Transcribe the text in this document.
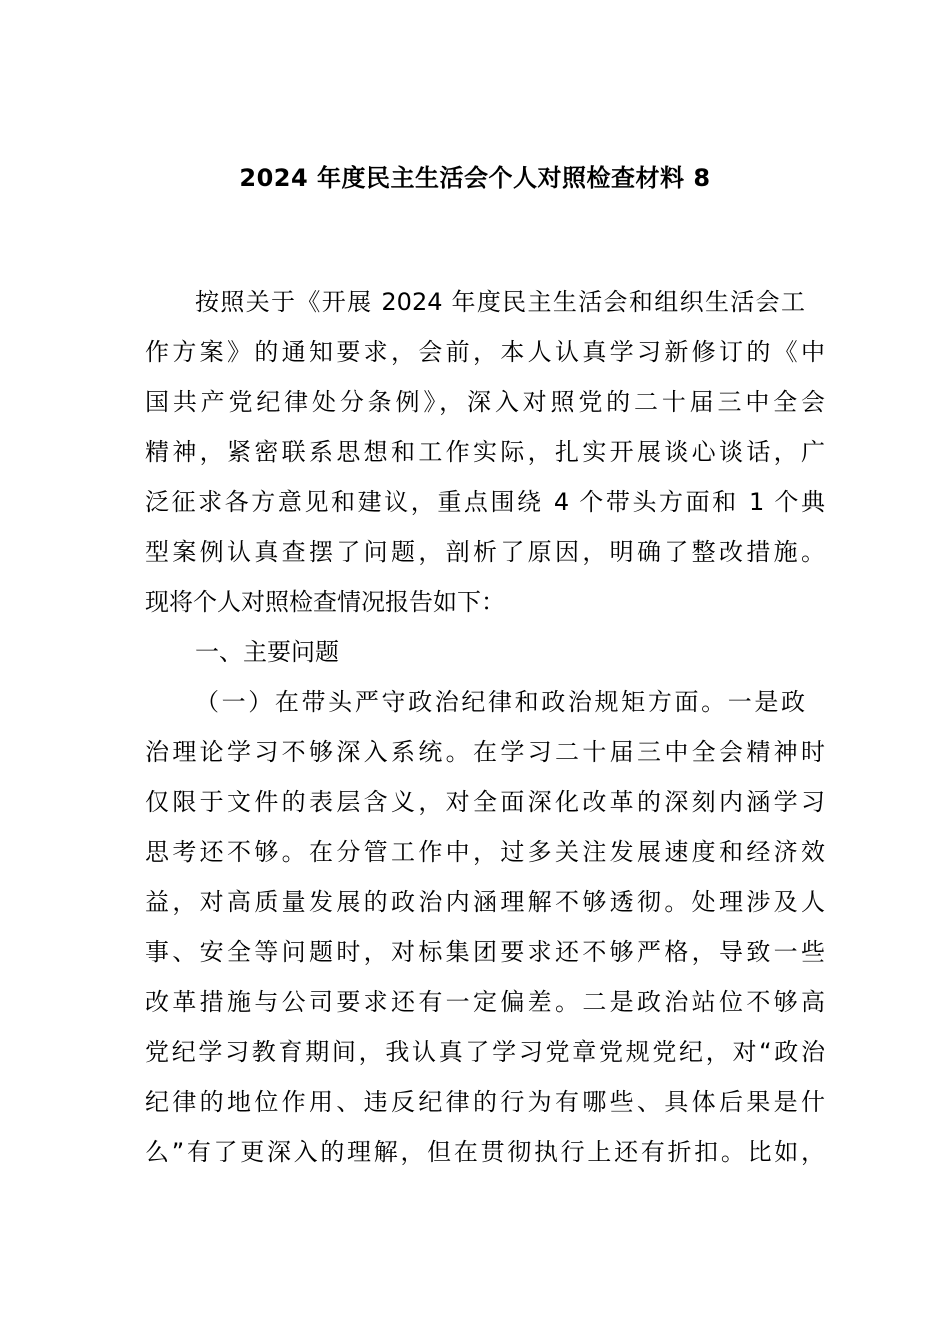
2024 年度民主生活会个人对照检查材料 8
按照关于《开展 2024 年度民主生活会和组织生活会工
作方案》的通知要求，会前，本人认真学习新修订的《中
国共产党纪律处分条例》，深入对照党的二十届三中全会
精神，紧密联系思想和工作实际，扎实开展谈心谈话，广
泛征求各方意见和建议，重点围绕 4 个带头方面和 1 个典
型案例认真查摆了问题，剖析了原因，明确了整改措施。
现将个人对照检查情况报告如下：
一、主要问题
（一）在带头严守政治纪律和政治规矩方面。一是政
治理论学习不够深入系统。在学习二十届三中全会精神时
仅限于文件的表层含义，对全面深化改革的深刻内涵学习
思考还不够。在分管工作中，过多关注发展速度和经济效
益，对高质量发展的政治内涵理解不够透彻。处理涉及人
事、安全等问题时，对标集团要求还不够严格，导致一些
改革措施与公司要求还有一定偏差。二是政治站位不够高
党纪学习教育期间，我认真了学习党章党规党纪，对“政治
纪律的地位作用、违反纪律的行为有哪些、具体后果是什
么”有了更深入的理解，但在贯彻执行上还有折扣。比如，
